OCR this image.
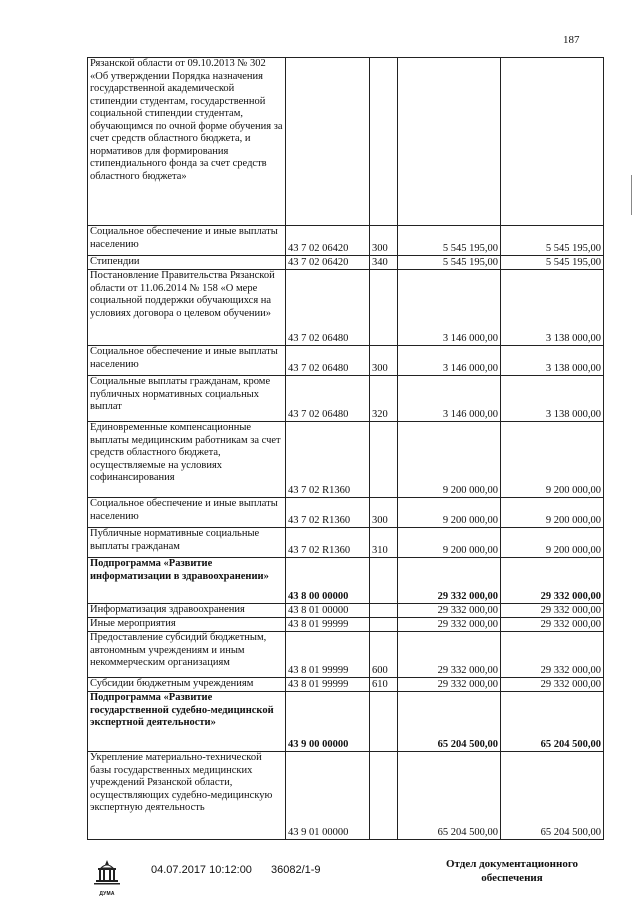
187
Рязанской области от 09.10.2013 № 302 «Об утверждении Порядка назначения государственной академической стипендии студентам, государственной социальной стипендии студентам, обучающимся по очной форме обучения за счет средств областного бюджета, и нормативов для формирования стипендиального фонда за счет средств областного бюджета»				
Социальное обеспечение и иные выплаты населению	43 7 02 06420	300	5 545 195,00	5 545 195,00
Стипендии	43 7 02 06420	340	5 545 195,00	5 545 195,00
Постановление Правительства Рязанской области от 11.06.2014 № 158 «О мере социальной поддержки обучающихся на условиях договора о целевом обучении»	43 7 02 06480		3 146 000,00	3 138 000,00
Социальное обеспечение и иные выплаты населению	43 7 02 06480	300	3 146 000,00	3 138 000,00
Социальные выплаты гражданам, кроме публичных нормативных социальных выплат	43 7 02 06480	320	3 146 000,00	3 138 000,00
Единовременные компенсационные выплаты медицинским работникам за счет средств областного бюджета, осуществляемые на условиях софинансирования	43 7 02 R1360		9 200 000,00	9 200 000,00
Социальное обеспечение и иные выплаты населению	43 7 02 R1360	300	9 200 000,00	9 200 000,00
Публичные нормативные социальные выплаты гражданам	43 7 02 R1360	310	9 200 000,00	9 200 000,00
Подпрограмма «Развитие информатизации в здравоохранении»	43 8 00 00000		29 332 000,00	29 332 000,00
Информатизация здравоохранения	43 8 01 00000		29 332 000,00	29 332 000,00
Иные мероприятия	43 8 01 99999		29 332 000,00	29 332 000,00
Предоставление субсидий бюджетным, автономным учреждениям и иным некоммерческим организациям	43 8 01 99999	600	29 332 000,00	29 332 000,00
Субсидии бюджетным учреждениям	43 8 01 99999	610	29 332 000,00	29 332 000,00
Подпрограмма «Развитие государственной судебно-медицинской экспертной деятельности»	43 9 00 00000		65 204 500,00	65 204 500,00
Укрепление материально-технической базы государственных медицинских учреждений Рязанской области, осуществляющих судебно-медицинскую экспертную деятельность	43 9 01 00000		65 204 500,00	65 204 500,00
ДУМА
04.07.2017 10:12:00 36082/1-9	Отдел документационного
обеспечения
